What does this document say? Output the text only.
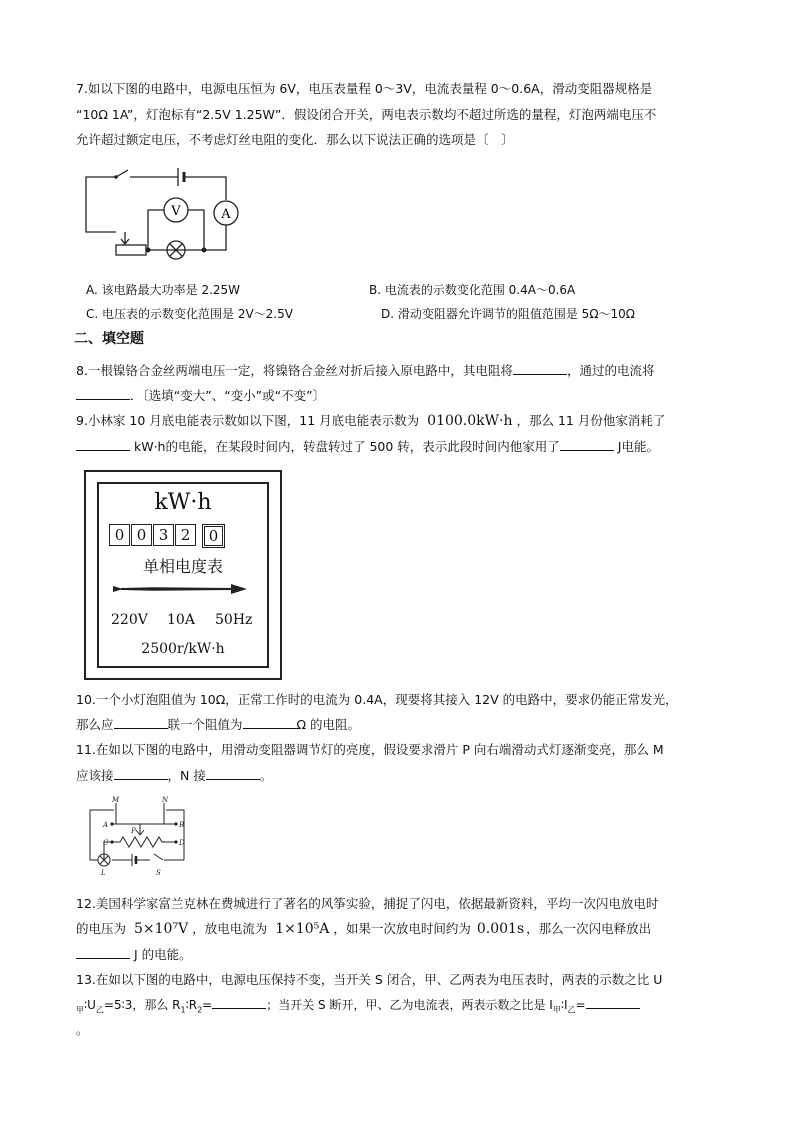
7.如以下图的电路中，电源电压恒为 6V，电压表量程 0～3V，电流表量程 0～0.6A，滑动变阻器规格是
“10Ω 1A”，灯泡标有“2.5V 1.25W”．假设闭合开关，两电表示数均不超过所选的量程，灯泡两端电压不
允许超过额定电压，不考虑灯丝电阻的变化．那么以下说法正确的选项是〔　〕
V	A
A. 该电路最大功率是 2.25W	B. 电流表的示数变化范围 0.4A～0.6A
C. 电压表的示数变化范围是 2V～2.5V	D. 滑动变阻器允许调节的阻值范围是 5Ω～10Ω
二、填空题
8.一根镍铬合金丝两端电压一定，将镍铬合金丝对折后接入原电路中，其电阻将	，通过的电流将
．〔选填“变大”、“变小”或“不变”〕
9.小林家 10 月底电能表示数如以下图，11 月底电能表示数为 0100.0kW·h ，那么 11 月份他家消耗了
kW·h的电能，在某段时间内，转盘转过了 500 转，表示此段时间内他家用了	J电能。
kW·h
0 0 3 2	0
单相电度表
220V 10A 50Hz
2500r/kW·h
10.一个小灯泡阻值为 10Ω，正常工作时的电流为 0.4A，现要将其接入 12V 的电路中，要求仍能正常发光，
那么应	联一个阻值为	Ω 的电阻。
11.在如以下图的电路中，用滑动变阻器调节灯的亮度，假设要求滑片 P 向右端滑动式灯逐渐变亮，那么 M
应该接	，N 接	。
M	N
A	B
C	D
P
L	S
12.美国科学家富兰克林在费城进行了著名的风筝实验，捕捉了闪电，依据最新资料，平均一次闪电放电时
的电压为 5×10⁷V ，放电电流为 1×10⁵A ，如果一次放电时间约为 0.001s ，那么一次闪电释放出
J 的电能。
13.在如以下图的电路中，电源电压保持不变，当开关 S 闭合，甲、乙两表为电压表时，两表的示数之比 U
$_甲∶U_乙=5∶3$，那么 $R_1∶R_2=$	；当开关 S 断开，甲、乙为电流表，两表示数之比是 $I_甲∶I_乙=$
。
